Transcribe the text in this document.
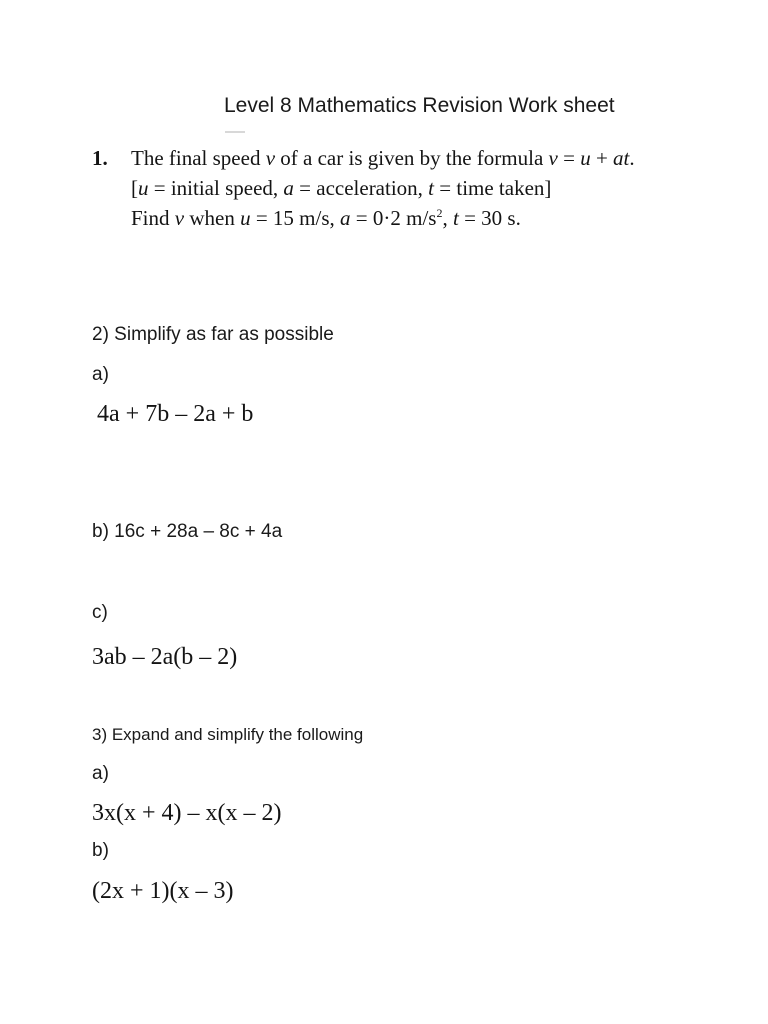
Level 8 Mathematics Revision Work sheet
1. The final speed v of a car is given by the formula v = u + at.
[u = initial speed, a = acceleration, t = time taken]
Find v when u = 15 m/s, a = 0·2 $m/s^2$, t = 30 s.
2) Simplify as far as possible
a)
4a + 7b – 2a + b
b) 16c + 28a – 8c + 4a
c)
3ab – 2a(b – 2)
3) Expand and simplify the following
a)
3x(x + 4) – x(x – 2)
b)
(2x + 1)(x – 3)
